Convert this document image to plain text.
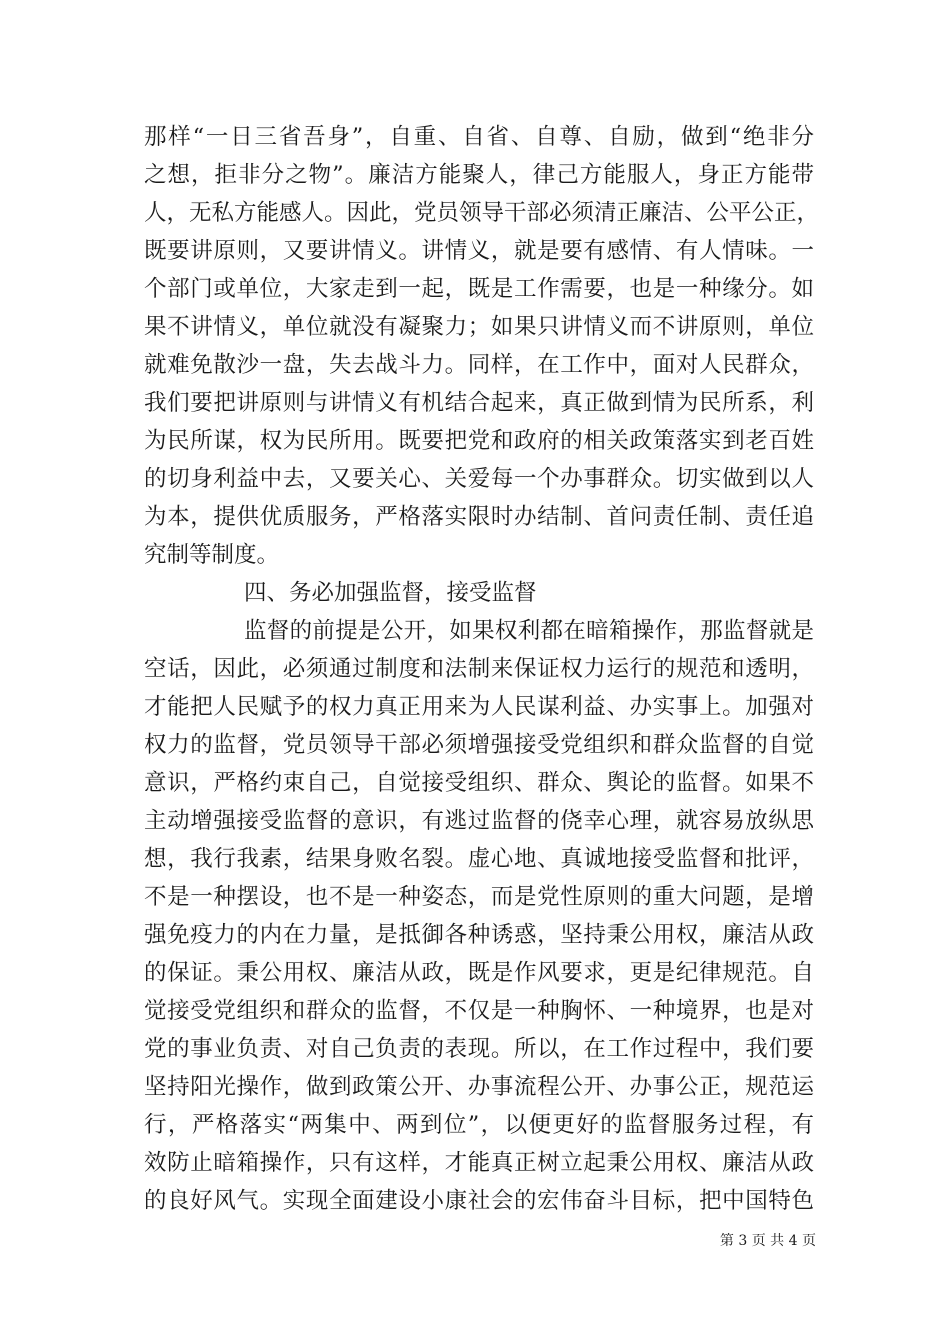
那样“一日三省吾身”，自重、自省、自尊、自励，做到“绝非分
之想，拒非分之物”。廉洁方能聚人，律己方能服人，身正方能带
人，无私方能感人。因此，党员领导干部必须清正廉洁、公平公正，
既要讲原则，又要讲情义。讲情义，就是要有感情、有人情味。一
个部门或单位，大家走到一起，既是工作需要，也是一种缘分。如
果不讲情义，单位就没有凝聚力；如果只讲情义而不讲原则，单位
就难免散沙一盘，失去战斗力。同样，在工作中，面对人民群众，
我们要把讲原则与讲情义有机结合起来，真正做到情为民所系，利
为民所谋，权为民所用。既要把党和政府的相关政策落实到老百姓
的切身利益中去，又要关心、关爱每一个办事群众。切实做到以人
为本，提供优质服务，严格落实限时办结制、首问责任制、责任追
究制等制度。
四、务必加强监督，接受监督
监督的前提是公开，如果权利都在暗箱操作，那监督就是
空话，因此，必须通过制度和法制来保证权力运行的规范和透明，
才能把人民赋予的权力真正用来为人民谋利益、办实事上。加强对
权力的监督，党员领导干部必须增强接受党组织和群众监督的自觉
意识，严格约束自己，自觉接受组织、群众、舆论的监督。如果不
主动增强接受监督的意识，有逃过监督的侥幸心理，就容易放纵思
想，我行我素，结果身败名裂。虚心地、真诚地接受监督和批评，
不是一种摆设，也不是一种姿态，而是党性原则的重大问题，是增
强免疫力的内在力量，是抵御各种诱惑，坚持秉公用权，廉洁从政
的保证。秉公用权、廉洁从政，既是作风要求，更是纪律规范。自
觉接受党组织和群众的监督，不仅是一种胸怀、一种境界，也是对
党的事业负责、对自己负责的表现。所以，在工作过程中，我们要
坚持阳光操作，做到政策公开、办事流程公开、办事公正，规范运
行，严格落实“两集中、两到位”，以便更好的监督服务过程，有
效防止暗箱操作，只有这样，才能真正树立起秉公用权、廉洁从政
的良好风气。实现全面建设小康社会的宏伟奋斗目标，把中国特色
第 3 页 共 4 页
